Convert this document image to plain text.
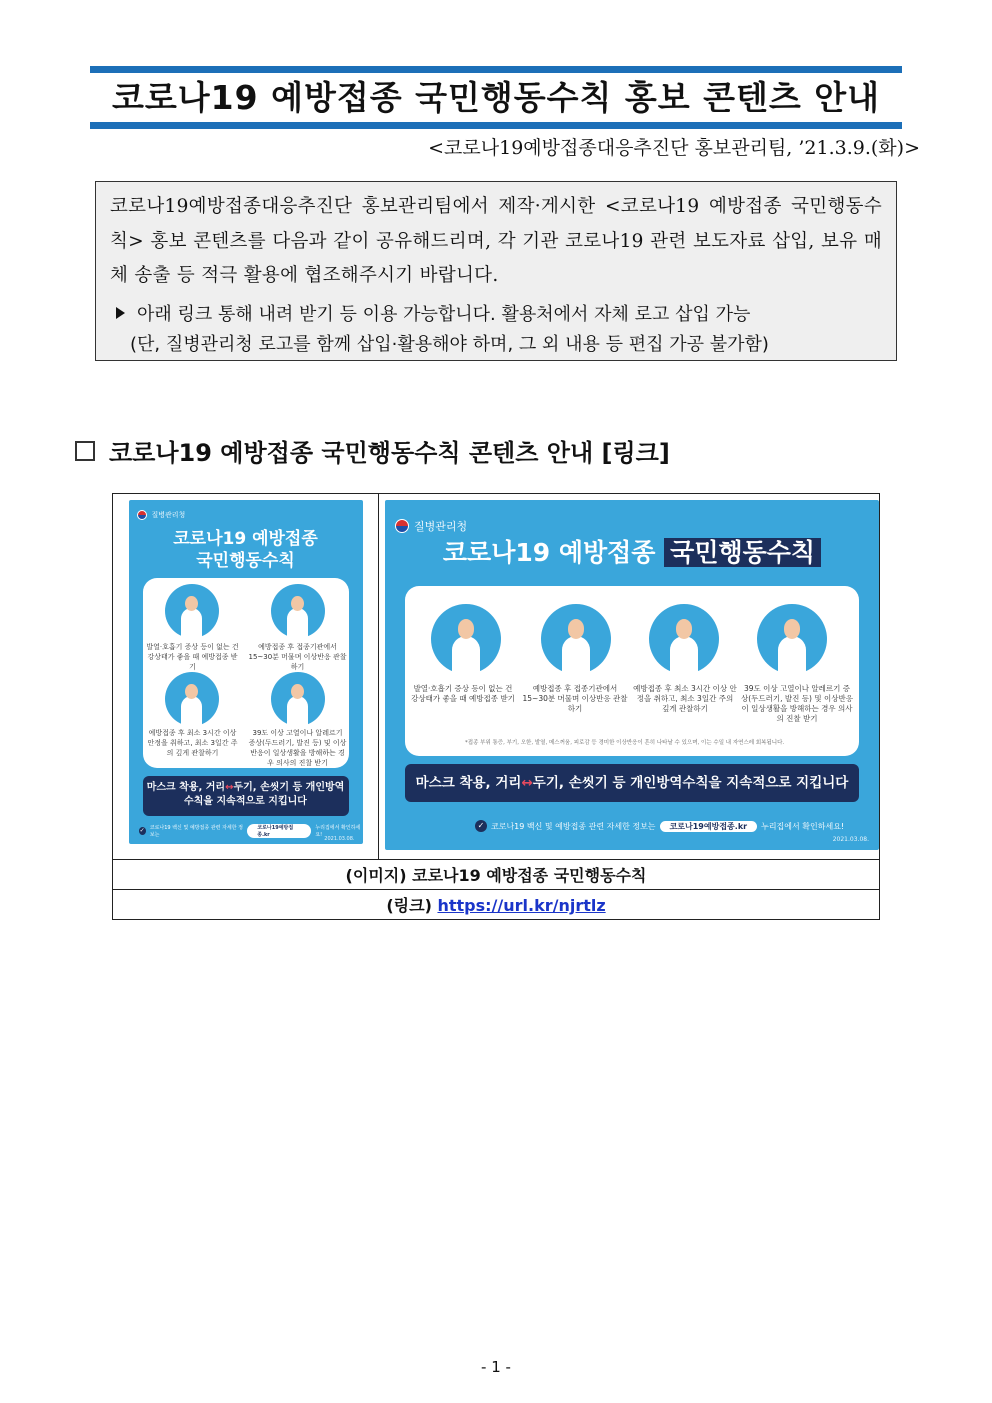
코로나19 예방접종 국민행동수칙 홍보 콘텐츠 안내
<코로나19예방접종대응추진단 홍보관리팀, ’21.3.9.(화)>
코로나19예방접종대응추진단 홍보관리팀에서 제작·게시한 <코로나19 예방접종 국민행동수칙> 홍보 콘텐츠를 다음과 같이 공유해드리며, 각 기관 코로나19 관련 보도자료 삽입, 보유 매체 송출 등 적극 활용에 협조해주시기 바랍니다.
아래 링크 통해 내려 받기 등 이용 가능합니다. 활용처에서 자체 로고 삽입 가능
(단, 질병관리청 로고를 함께 삽입·활용해야 하며, 그 외 내용 등 편집 가공 불가함)
코로나19 예방접종 국민행동수칙 콘텐츠 안내 [링크]
질병관리청
코로나19 예방접종
국민행동수칙
발열·호흡기 증상 등이 없는 건강상태가 좋을 때 예방접종 받기
예방접종 후 접종기관에서 15~30분 머물며 이상반응 관찰하기
예방접종 후 최소 3시간 이상 안정을 취하고, 최소 3일간 주의 깊게 관찰하기
39도 이상 고열이나 알레르기 증상(두드러기, 발진 등) 및 이상반응이 일상생활을 방해하는 경우 의사의 진찰 받기
마스크 착용, 거리↔두기, 손씻기 등 개인방역수칙을 지속적으로 지킵니다
✓ 코로나19 백신 및 예방접종 관련 자세한 정보는
코로나19예방접종.kr
누리집에서 확인하세요!
2021.03.08.

질병관리청
코로나19 예방접종 국민행동수칙
발열·호흡기 증상 등이 없는 건강상태가 좋을 때 예방접종 받기
예방접종 후 접종기관에서 15~30분 머물며 이상반응 관찰하기
예방접종 후 최소 3시간 이상 안정을 취하고, 최소 3일간 주의 깊게 관찰하기
39도 이상 고열이나 알레르기 증상(두드러기, 발진 등) 및 이상반응이 일상생활을 방해하는 경우 의사의 진찰 받기
*접종 부위 통증, 부기, 오한, 발열, 메스꺼움, 피로감 등 경미한 이상반응이 흔히 나타날 수 있으며, 이는 수일 내 자연스레 회복됩니다.
마스크 착용, 거리↔두기, 손씻기 등 개인방역수칙을 지속적으로 지킵니다
✓ 코로나19 백신 및 예방접종 관련 자세한 정보는	코로나19예방접종.kr	누리집에서 확인하세요!
2021.03.08.

(이미지) 코로나19 예방접종 국민행동수칙
(링크) https://url.kr/njrtlz
- 1 -
